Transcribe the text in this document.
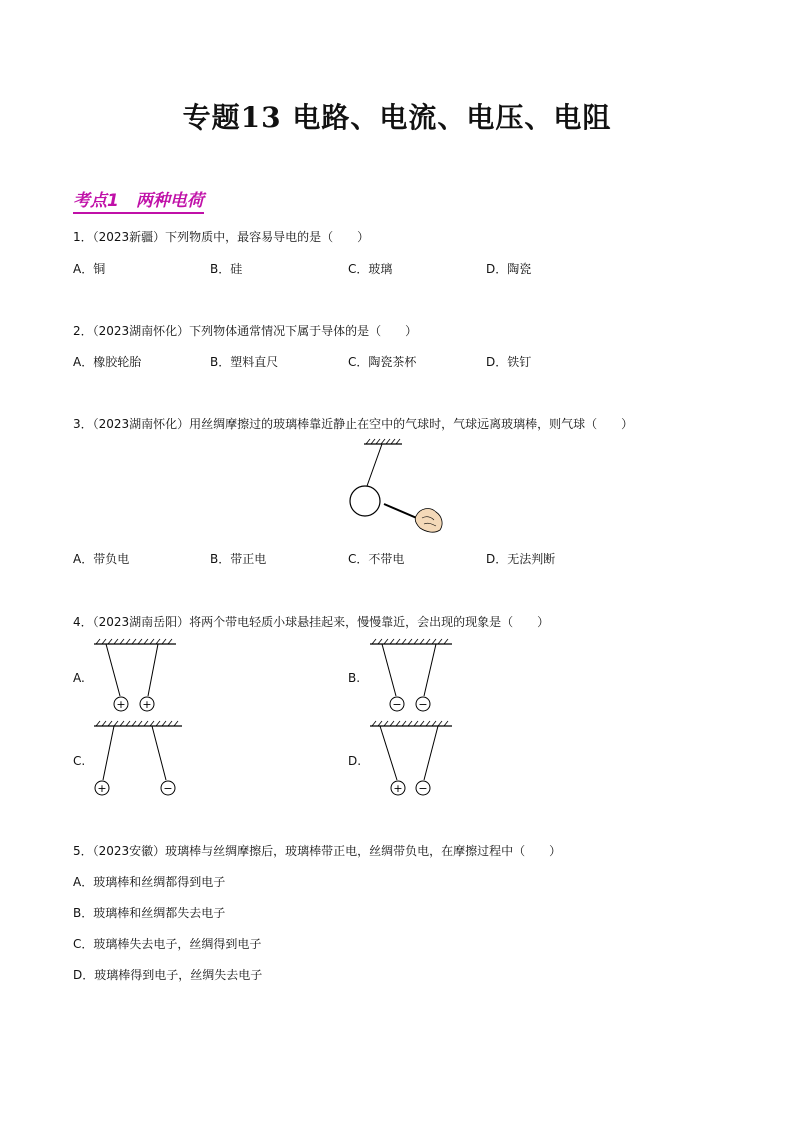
专题13 电路、电流、电压、电阻
考点1　两种电荷
1．（2023新疆）下列物质中，最容易导电的是（　　）
A．铜	B．硅	C．玻璃	D．陶瓷
2．（2023湖南怀化）下列物体通常情况下属于导体的是（　　）
A．橡胶轮胎	B．塑料直尺	C．陶瓷茶杯	D．铁钉
3．（2023湖南怀化）用丝绸摩擦过的玻璃棒靠近静止在空中的气球时，气球远离玻璃棒，则气球（　　）
A．带负电	B．带正电	C．不带电	D．无法判断
4．（2023湖南岳阳）将两个带电轻质小球悬挂起来，慢慢靠近，会出现的现象是（　　）
A.	B.
C.	D.
+ +	− −
+	−	+ −
5．（2023安徽）玻璃棒与丝绸摩擦后，玻璃棒带正电，丝绸带负电，在摩擦过程中（　　）
A．玻璃棒和丝绸都得到电子
B．玻璃棒和丝绸都失去电子
C．玻璃棒失去电子，丝绸得到电子
D．玻璃棒得到电子，丝绸失去电子
